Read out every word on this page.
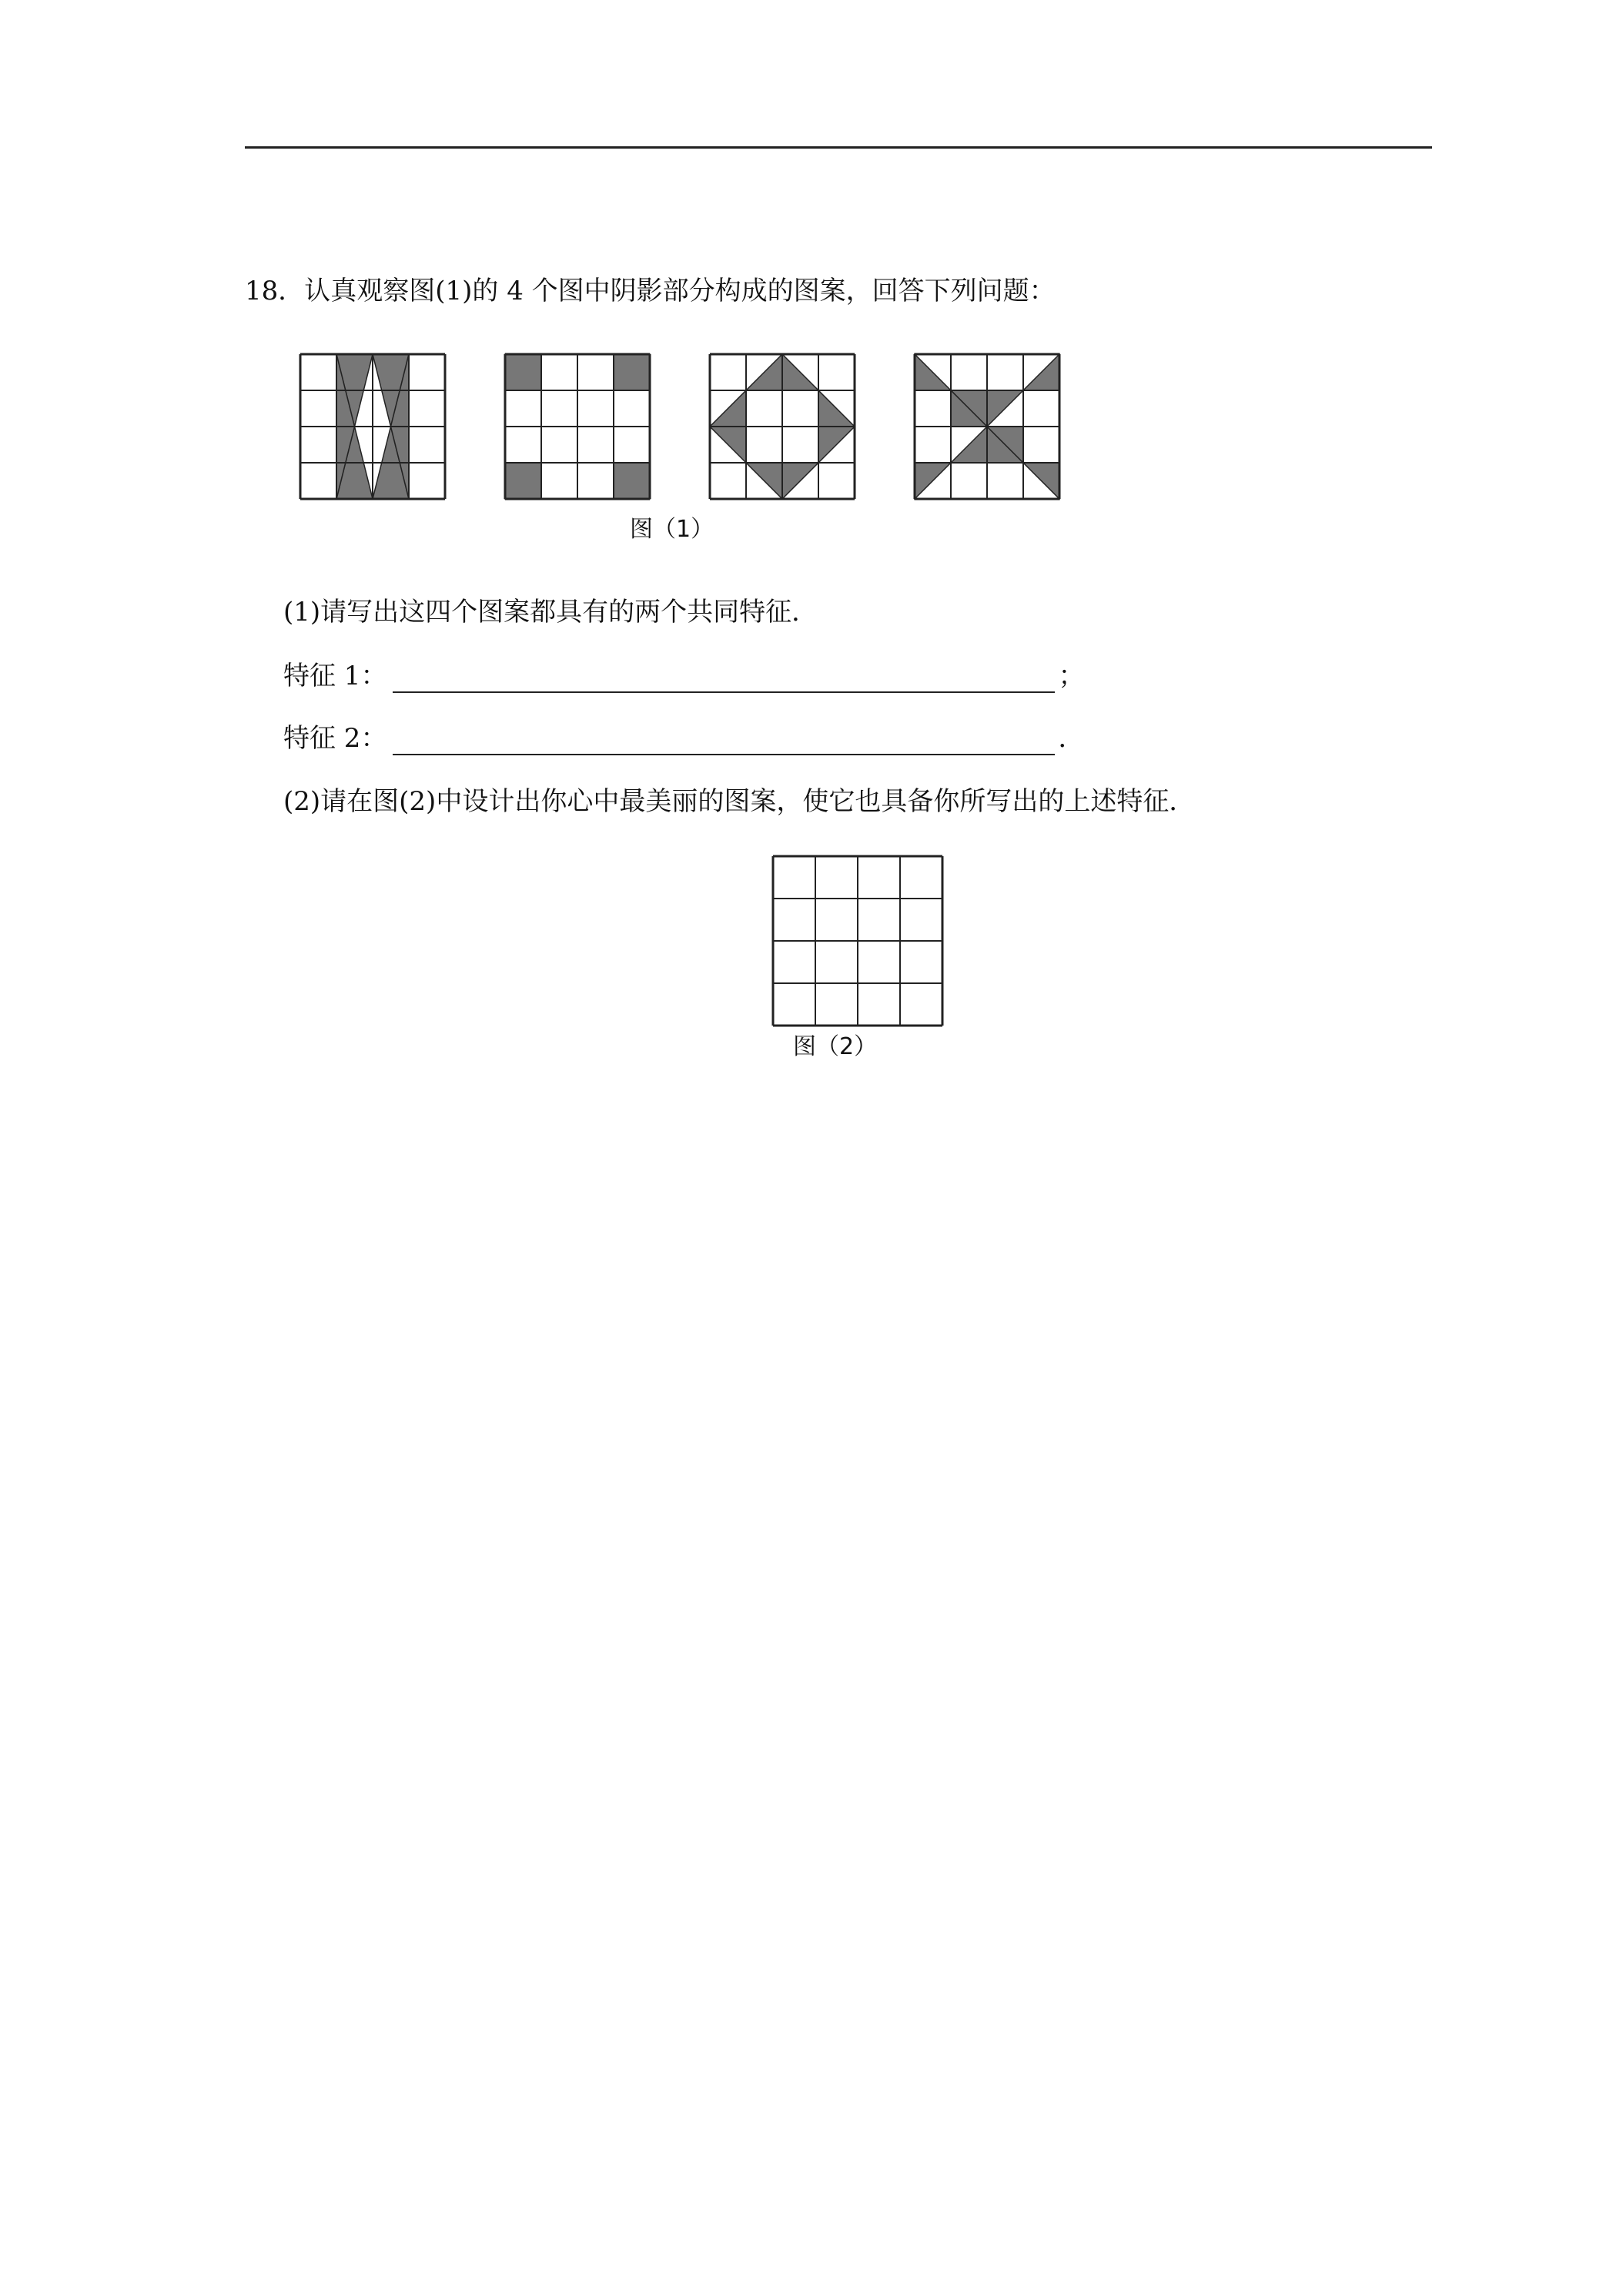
18．认真观察图(1)的 4 个图中阴影部分构成的图案，回答下列问题：
图（1）
(1)请写出这四个图案都具有的两个共同特征．
特征 1：	；
特征 2：	．
(2)请在图(2)中设计出你心中最美丽的图案，使它也具备你所写出的上述特征．
图（2）
